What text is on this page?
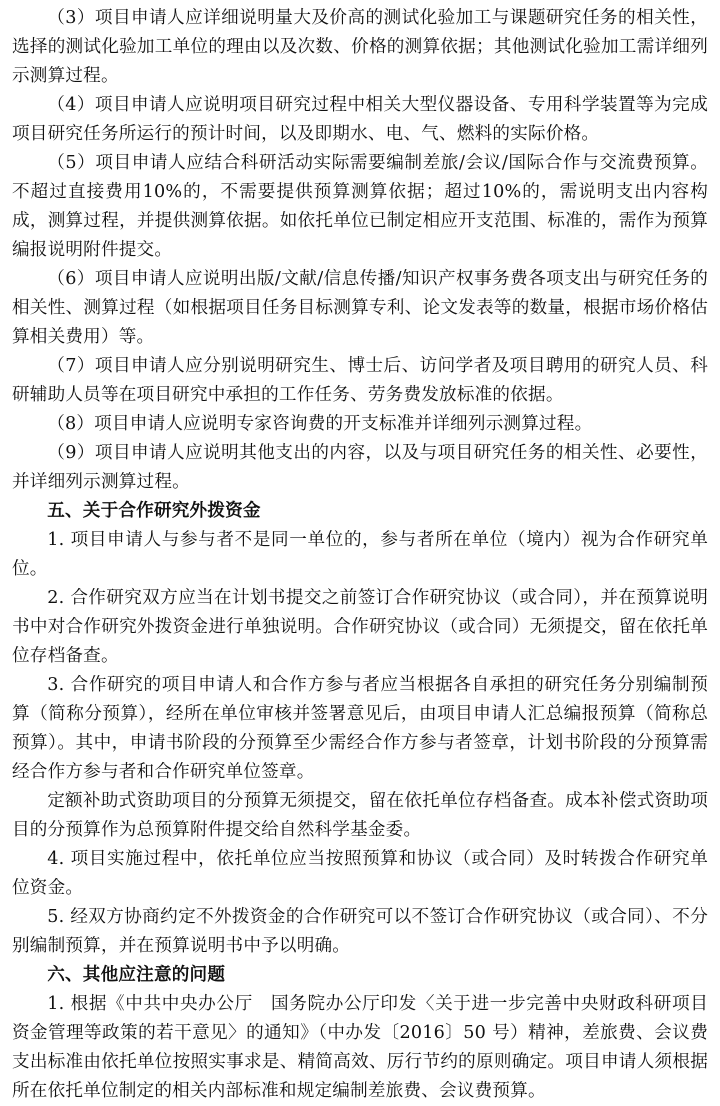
（3）项目申请人应详细说明量大及价高的测试化验加工与课题研究任务的相关性，选择的测试化验加工单位的理由以及次数、价格的测算依据；其他测试化验加工需详细列示测算过程。

（4）项目申请人应说明项目研究过程中相关大型仪器设备、专用科学装置等为完成项目研究任务所运行的预计时间，以及即期水、电、气、燃料的实际价格。

（5）项目申请人应结合科研活动实际需要编制差旅/会议/国际合作与交流费预算。不超过直接费用10%的，不需要提供预算测算依据；超过10%的，需说明支出内容构成，测算过程，并提供测算依据。如依托单位已制定相应开支范围、标准的，需作为预算编报说明附件提交。

（6）项目申请人应说明出版/文献/信息传播/知识产权事务费各项支出与研究任务的相关性、测算过程（如根据项目任务目标测算专利、论文发表等的数量，根据市场价格估算相关费用）等。

（7）项目申请人应分别说明研究生、博士后、访问学者及项目聘用的研究人员、科研辅助人员等在项目研究中承担的工作任务、劳务费发放标准的依据。

（8）项目申请人应说明专家咨询费的开支标准并详细列示测算过程。

（9）项目申请人应说明其他支出的内容，以及与项目研究任务的相关性、必要性，并详细列示测算过程。

五、关于合作研究外拨资金

1. 项目申请人与参与者不是同一单位的，参与者所在单位（境内）视为合作研究单位。

2. 合作研究双方应当在计划书提交之前签订合作研究协议（或合同），并在预算说明书中对合作研究外拨资金进行单独说明。合作研究协议（或合同）无须提交，留在依托单位存档备查。

3. 合作研究的项目申请人和合作方参与者应当根据各自承担的研究任务分别编制预算（简称分预算），经所在单位审核并签署意见后，由项目申请人汇总编报预算（简称总预算）。其中，申请书阶段的分预算至少需经合作方参与者签章，计划书阶段的分预算需经合作方参与者和合作研究单位签章。

定额补助式资助项目的分预算无须提交，留在依托单位存档备查。成本补偿式资助项目的分预算作为总预算附件提交给自然科学基金委。

4. 项目实施过程中，依托单位应当按照预算和协议（或合同）及时转拨合作研究单位资金。

5. 经双方协商约定不外拨资金的合作研究可以不签订合作研究协议（或合同）、不分别编制预算，并在预算说明书中予以明确。

六、其他应注意的问题

1. 根据《中共中央办公厅　国务院办公厅印发〈关于进一步完善中央财政科研项目资金管理等政策的若干意见〉的通知》（中办发〔2016〕50 号）精神，差旅费、会议费支出标准由依托单位按照实事求是、精简高效、厉行节约的原则确定。项目申请人须根据所在依托单位制定的相关内部标准和规定编制差旅费、会议费预算。
